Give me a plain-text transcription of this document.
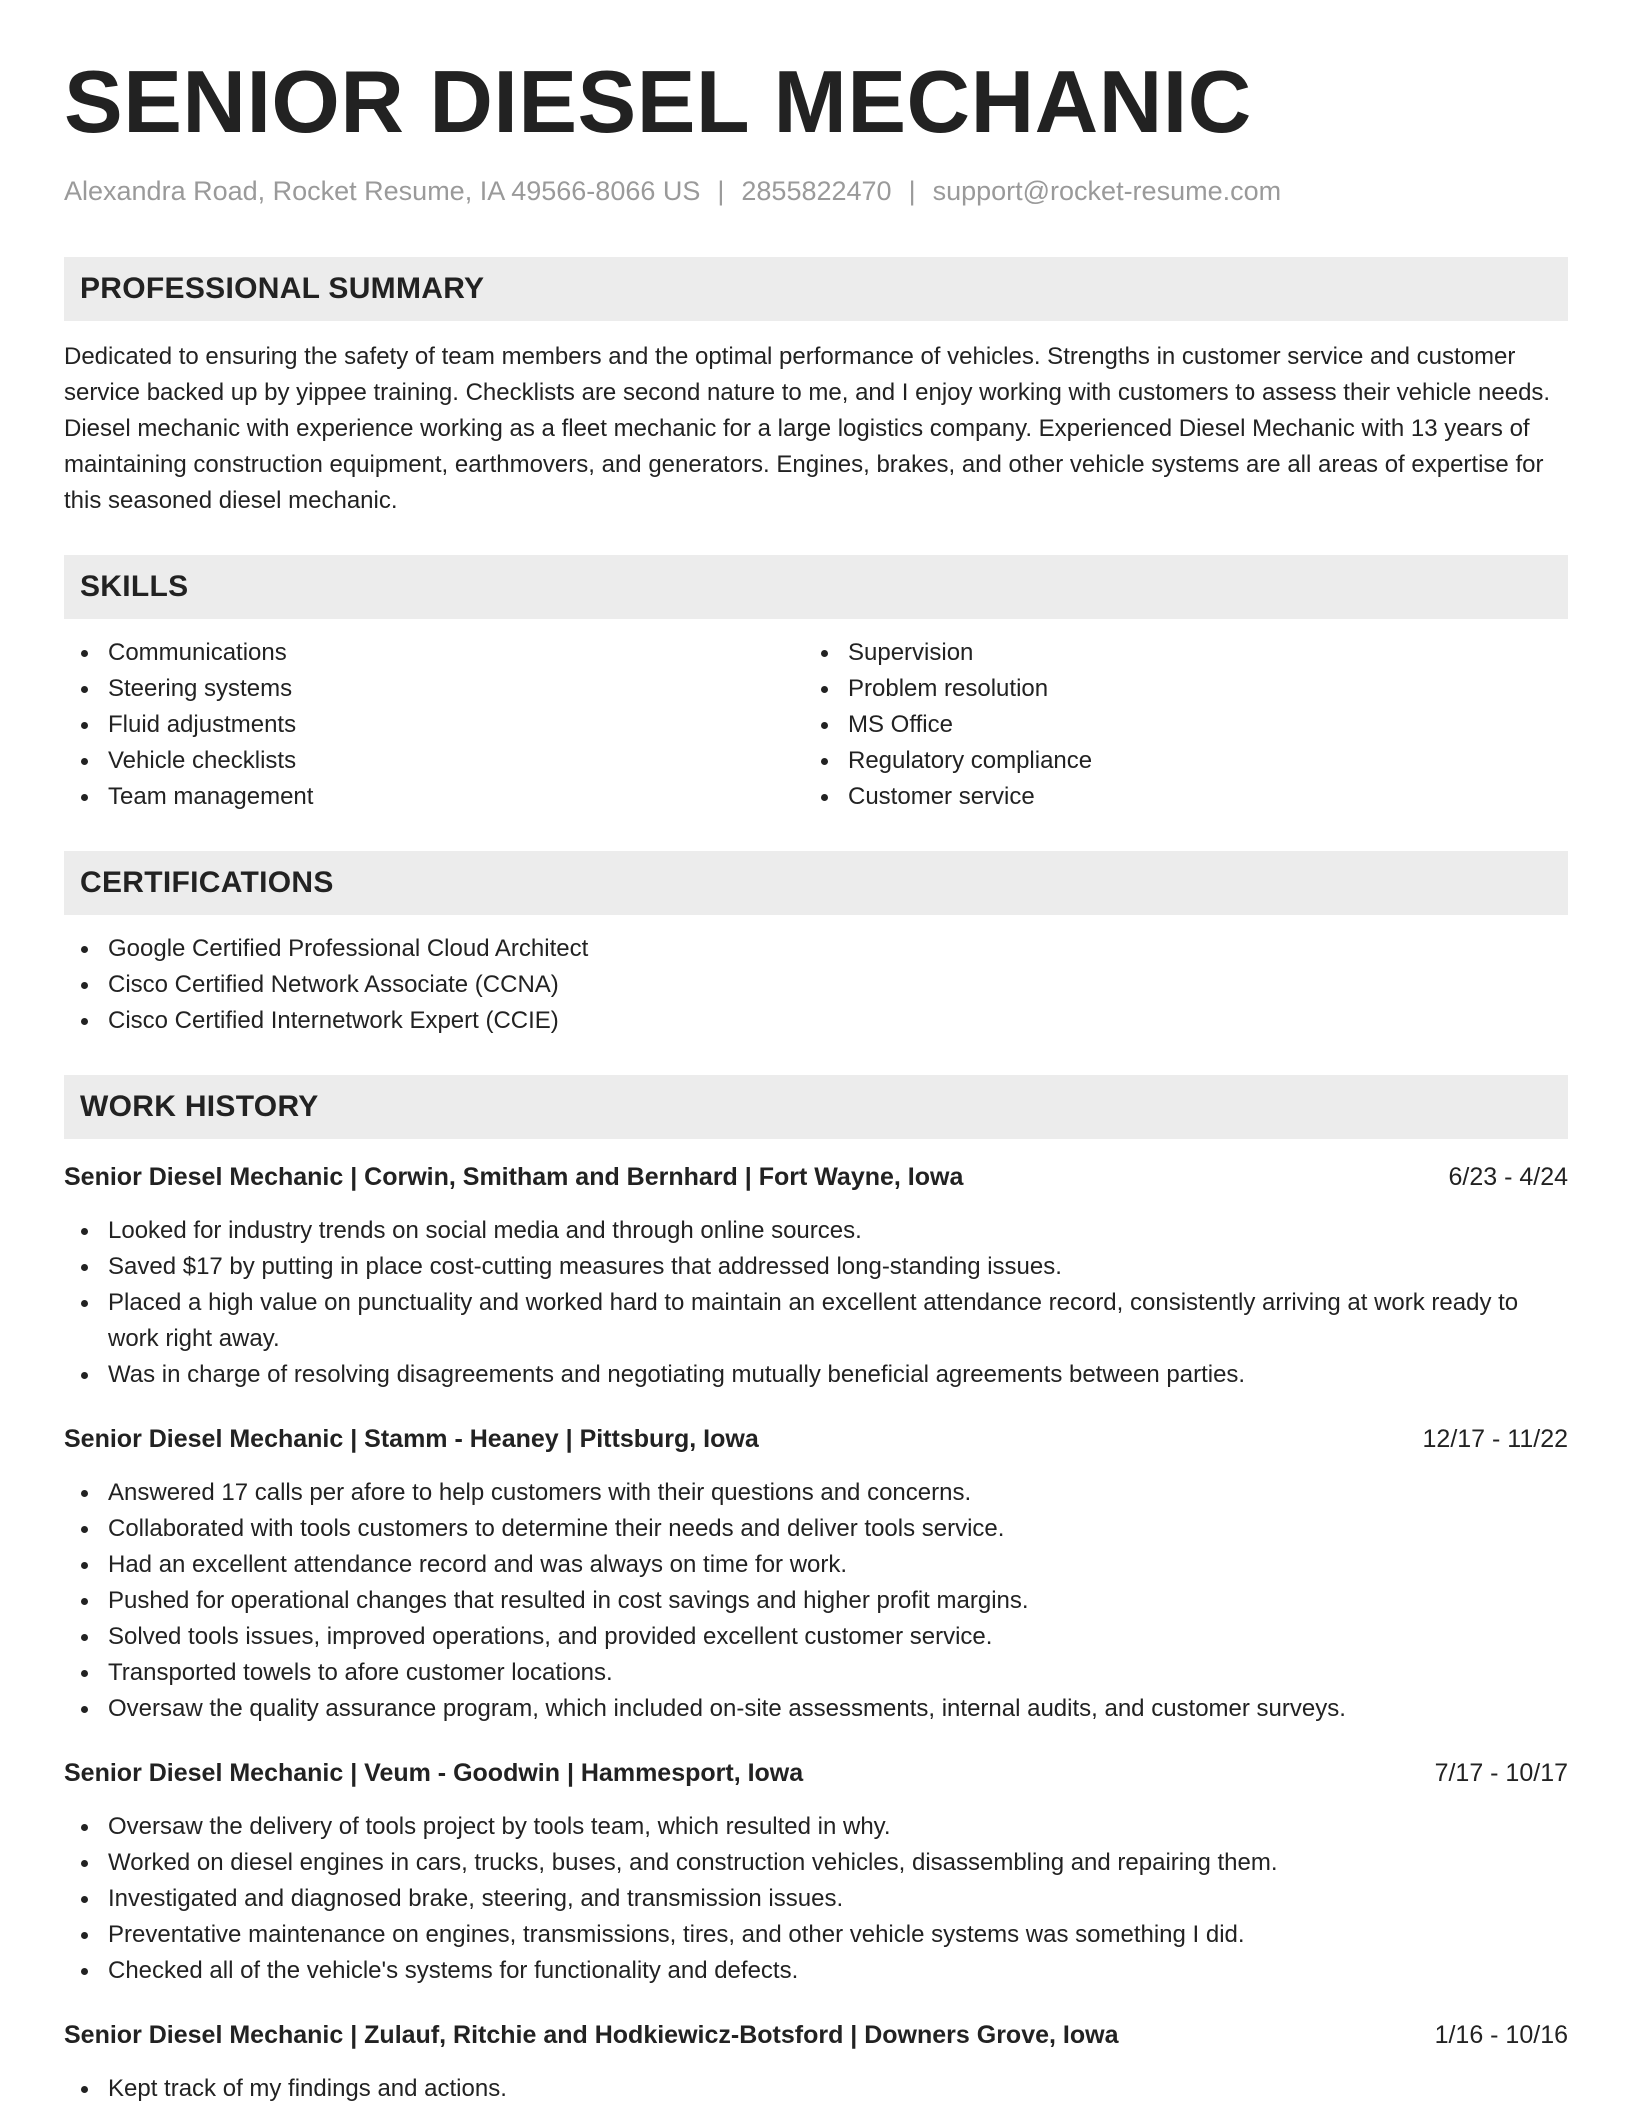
SENIOR DIESEL MECHANIC
Alexandra Road, Rocket Resume, IA 49566-8066 US | 2855822470 | support@rocket-resume.com
PROFESSIONAL SUMMARY

Dedicated to ensuring the safety of team members and the optimal performance of vehicles. Strengths in customer service and customer service backed up by yippee training. Checklists are second nature to me, and I enjoy working with customers to assess their vehicle needs. Diesel mechanic with experience working as a fleet mechanic for a large logistics company. Experienced Diesel Mechanic with 13 years of maintaining construction equipment, earthmovers, and generators. Engines, brakes, and other vehicle systems are all areas of expertise for this seasoned diesel mechanic.

SKILLS
Communications
Steering systems
Fluid adjustments
Vehicle checklists
Team management
Supervision
Problem resolution
MS Office
Regulatory compliance
Customer service
CERTIFICATIONS
Google Certified Professional Cloud Architect
Cisco Certified Network Associate (CCNA)
Cisco Certified Internetwork Expert (CCIE)
WORK HISTORY
Senior Diesel Mechanic | Corwin, Smitham and Bernhard | Fort Wayne, Iowa	6/23 - 4/24
Looked for industry trends on social media and through online sources.
Saved $17 by putting in place cost-cutting measures that addressed long-standing issues.
Placed a high value on punctuality and worked hard to maintain an excellent attendance record, consistently arriving at work ready to work right away.
Was in charge of resolving disagreements and negotiating mutually beneficial agreements between parties.
Senior Diesel Mechanic | Stamm - Heaney | Pittsburg, Iowa	12/17 - 11/22
Answered 17 calls per afore to help customers with their questions and concerns.
Collaborated with tools customers to determine their needs and deliver tools service.
Had an excellent attendance record and was always on time for work.
Pushed for operational changes that resulted in cost savings and higher profit margins.
Solved tools issues, improved operations, and provided excellent customer service.
Transported towels to afore customer locations.
Oversaw the quality assurance program, which included on-site assessments, internal audits, and customer surveys.
Senior Diesel Mechanic | Veum - Goodwin | Hammesport, Iowa	7/17 - 10/17
Oversaw the delivery of tools project by tools team, which resulted in why.
Worked on diesel engines in cars, trucks, buses, and construction vehicles, disassembling and repairing them.
Investigated and diagnosed brake, steering, and transmission issues.
Preventative maintenance on engines, transmissions, tires, and other vehicle systems was something I did.
Checked all of the vehicle's systems for functionality and defects.
Senior Diesel Mechanic | Zulauf, Ritchie and Hodkiewicz-Botsford | Downers Grove, Iowa	1/16 - 10/16
Kept track of my findings and actions.
